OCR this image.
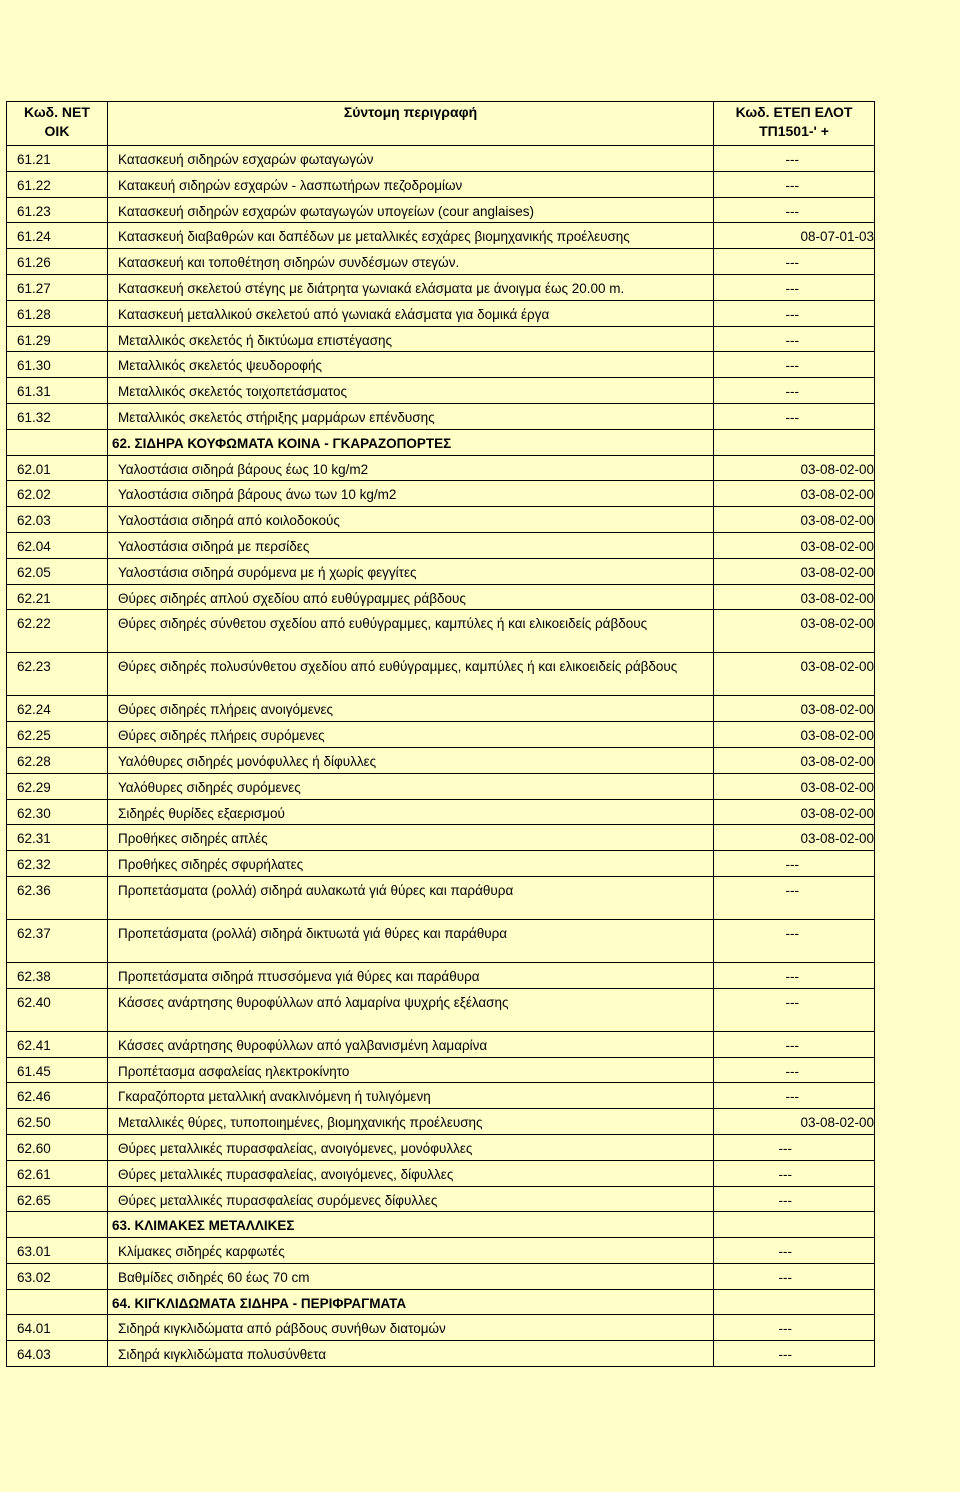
Κωδ. ΝΕΤ ΟΙΚ	Σύντομη περιγραφή	Κωδ. ΕΤΕΠ ΕΛΟΤ ΤΠ1501-' +
61.21	Κατασκευή σιδηρών εσχαρών φωταγωγών	---
61.22	Κατακευή σιδηρών εσχαρών - λασπωτήρων πεζοδρομίων	---
61.23	Κατασκευή σιδηρών εσχαρών φωταγωγών υπογείων (cour anglaises)	---
61.24	Κατασκευή διαβαθρών και δαπέδων με μεταλλικές εσχάρες βιομηχανικής προέλευσης	08-07-01-03
61.26	Κατασκευή και τοποθέτηση σιδηρών συνδέσμων στεγών.	---
61.27	Κατασκευή σκελετού στέγης με διάτρητα γωνιακά ελάσματα με άνοιγμα έως 20.00 m.	---
61.28	Κατασκευή μεταλλικού σκελετού από γωνιακά ελάσματα για δομικά έργα	---
61.29	Μεταλλικός σκελετός ή δικτύωμα επιστέγασης	---
61.30	Μεταλλικός σκελετός ψευδοροφής	---
61.31	Μεταλλικός σκελετός τοιχοπετάσματος	---
61.32	Μεταλλικός σκελετός στήριξης μαρμάρων επένδυσης	---
	62. ΣΙΔΗΡΑ ΚΟΥΦΩΜΑΤΑ ΚΟΙΝΑ - ΓΚΑΡΑΖΟΠΟΡΤΕΣ	
62.01	Υαλοστάσια σιδηρά βάρους έως 10 kg/m2	03-08-02-00
62.02	Υαλοστάσια σιδηρά βάρους άνω των 10 kg/m2	03-08-02-00
62.03	Υαλοστάσια σιδηρά από κοιλοδοκούς	03-08-02-00
62.04	Υαλοστάσια σιδηρά με περσίδες	03-08-02-00
62.05	Υαλοστάσια σιδηρά συρόμενα με ή χωρίς φεγγίτες	03-08-02-00
62.21	Θύρες σιδηρές απλού σχεδίου από ευθύγραμμες ράβδους	03-08-02-00
62.22	Θύρες σιδηρές σύνθετου σχεδίου από ευθύγραμμες, καμπύλες ή και ελικοειδείς ράβδους	03-08-02-00
62.23	Θύρες σιδηρές πολυσύνθετου σχεδίου από ευθύγραμμες, καμπύλες ή και ελικοειδείς ράβδους	03-08-02-00
62.24	Θύρες σιδηρές πλήρεις ανοιγόμενες	03-08-02-00
62.25	Θύρες σιδηρές πλήρεις συρόμενες	03-08-02-00
62.28	Υαλόθυρες σιδηρές μονόφυλλες ή δίφυλλες	03-08-02-00
62.29	Υαλόθυρες σιδηρές συρόμενες	03-08-02-00
62.30	Σιδηρές θυρίδες εξαερισμού	03-08-02-00
62.31	Προθήκες σιδηρές απλές	03-08-02-00
62.32	Προθήκες σιδηρές σφυρήλατες	---
62.36	Προπετάσματα (ρολλά) σιδηρά αυλακωτά γιά θύρες και παράθυρα	---
62.37	Προπετάσματα (ρολλά) σιδηρά δικτυωτά γιά θύρες και παράθυρα	---
62.38	Προπετάσματα σιδηρά πτυσσόμενα γιά θύρες και παράθυρα	---
62.40	Κάσσες ανάρτησης θυροφύλλων από λαμαρίνα ψυχρής εξέλασης	---
62.41	Κάσσες ανάρτησης θυροφύλλων από γαλβανισμένη λαμαρίνα	---
61.45	Προπέτασμα ασφαλείας ηλεκτροκίνητο	---
62.46	Γκαραζόπορτα μεταλλική ανακλινόμενη ή τυλιγόμενη	---
62.50	Μεταλλικές θύρες, τυποποιημένες, βιομηχανικής προέλευσης	03-08-02-00
62.60	Θύρες μεταλλικές πυρασφαλείας, ανοιγόμενες, μονόφυλλες	---
62.61	Θύρες μεταλλικές πυρασφαλείας, ανοιγόμενες, δίφυλλες	---
62.65	Θύρες μεταλλικές πυρασφαλείας συρόμενες δίφυλλες	---
	63. ΚΛΙΜΑΚΕΣ ΜΕΤΑΛΛΙΚΕΣ	
63.01	Κλίμακες σιδηρές καρφωτές	---
63.02	Βαθμίδες σιδηρές 60 έως 70 cm	---
	64. ΚΙΓΚΛΙΔΩΜΑΤΑ ΣΙΔΗΡΑ - ΠΕΡΙΦΡΑΓΜΑΤΑ	
64.01	Σιδηρά κιγκλιδώματα από ράβδους συνήθων διατομών	---
64.03	Σιδηρά κιγκλιδώματα πολυσύνθετα	---
